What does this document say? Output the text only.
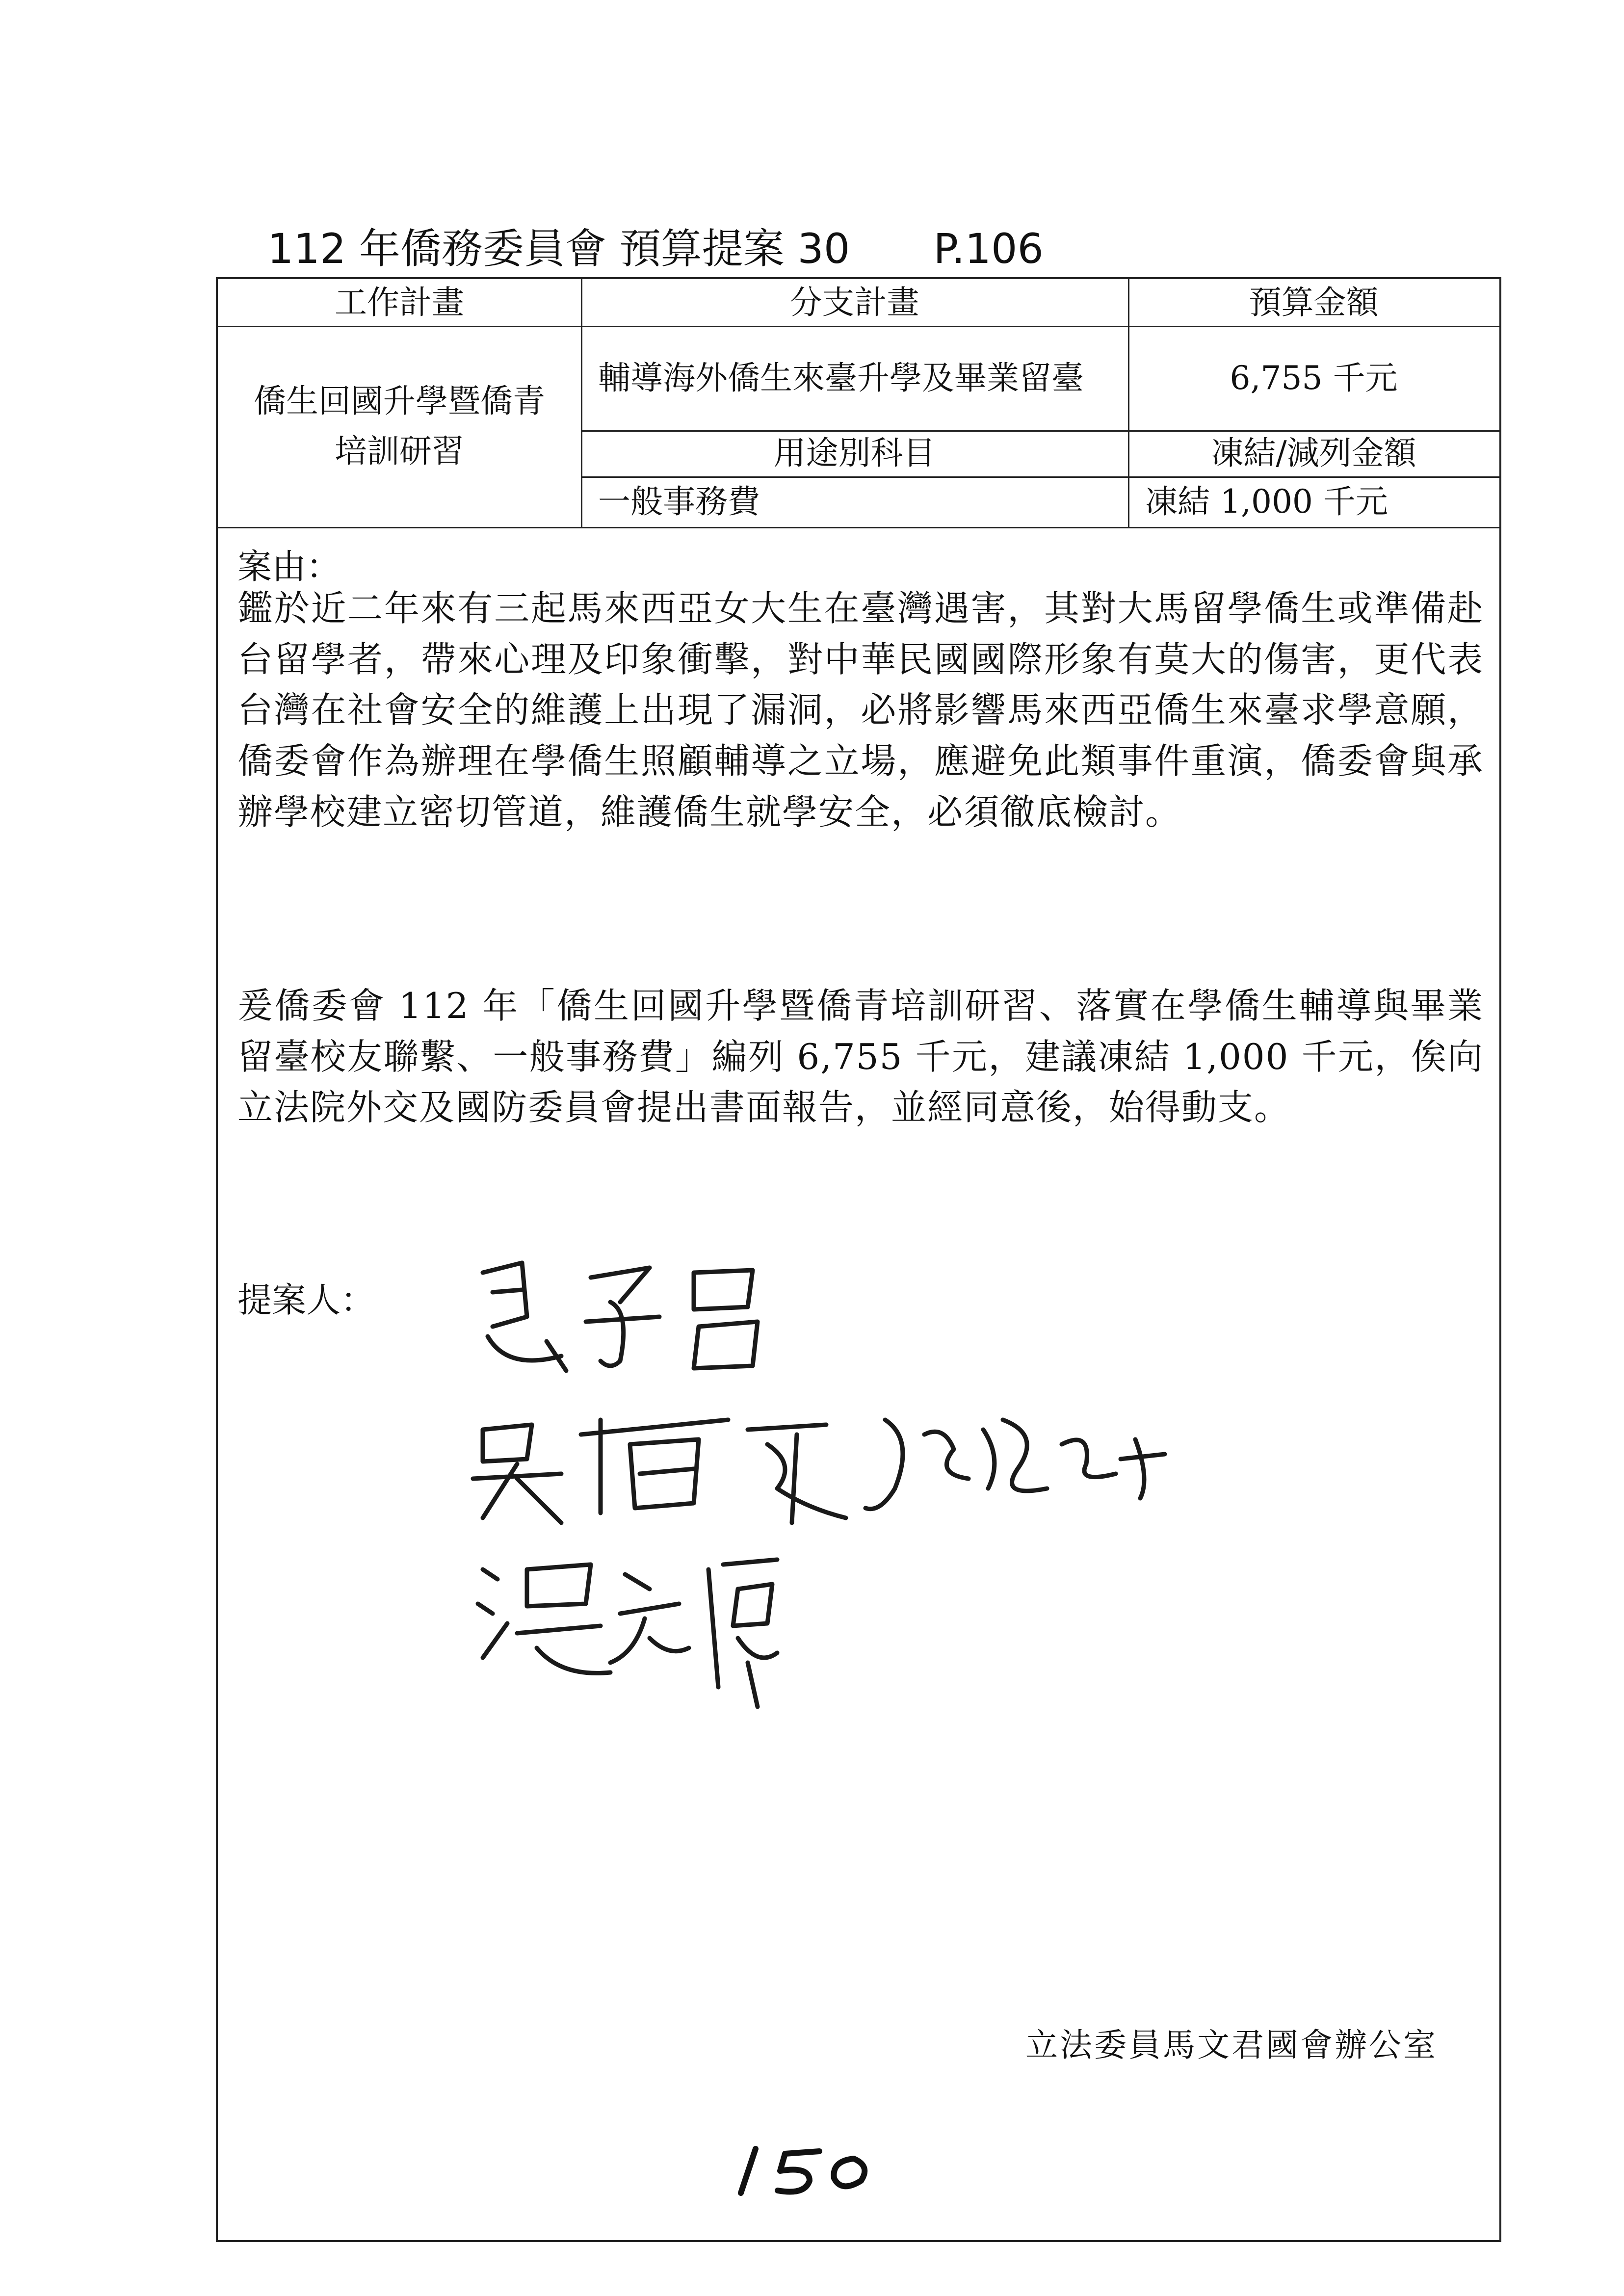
112 年僑務委員會 預算提案 30 P.106
工作計畫	分支計畫	預算金額
僑生回國升學暨僑青培訓研習
輔導海外僑生來臺升學及畢業留臺	6,755 千元
用途別科目	凍結/減列金額
一般事務費	凍結 1,000 千元
案由：
鑑於近二年來有三起馬來西亞女大生在臺灣遇害，其對大馬留學僑生或準備赴台留學者，帶來心理及印象衝擊，對中華民國國際形象有莫大的傷害，更代表台灣在社會安全的維護上出現了漏洞，必將影響馬來西亞僑生來臺求學意願，僑委會作為辦理在學僑生照顧輔導之立場，應避免此類事件重演，僑委會與承辦學校建立密切管道，維護僑生就學安全，必須徹底檢討。
爰僑委會 112 年「僑生回國升學暨僑青培訓研習、落實在學僑生輔導與畢業留臺校友聯繫、一般事務費」編列 6,755 千元，建議凍結 1,000 千元，俟向立法院外交及國防委員會提出書面報告，並經同意後，始得動支。
提案人：
立法委員馬文君國會辦公室
